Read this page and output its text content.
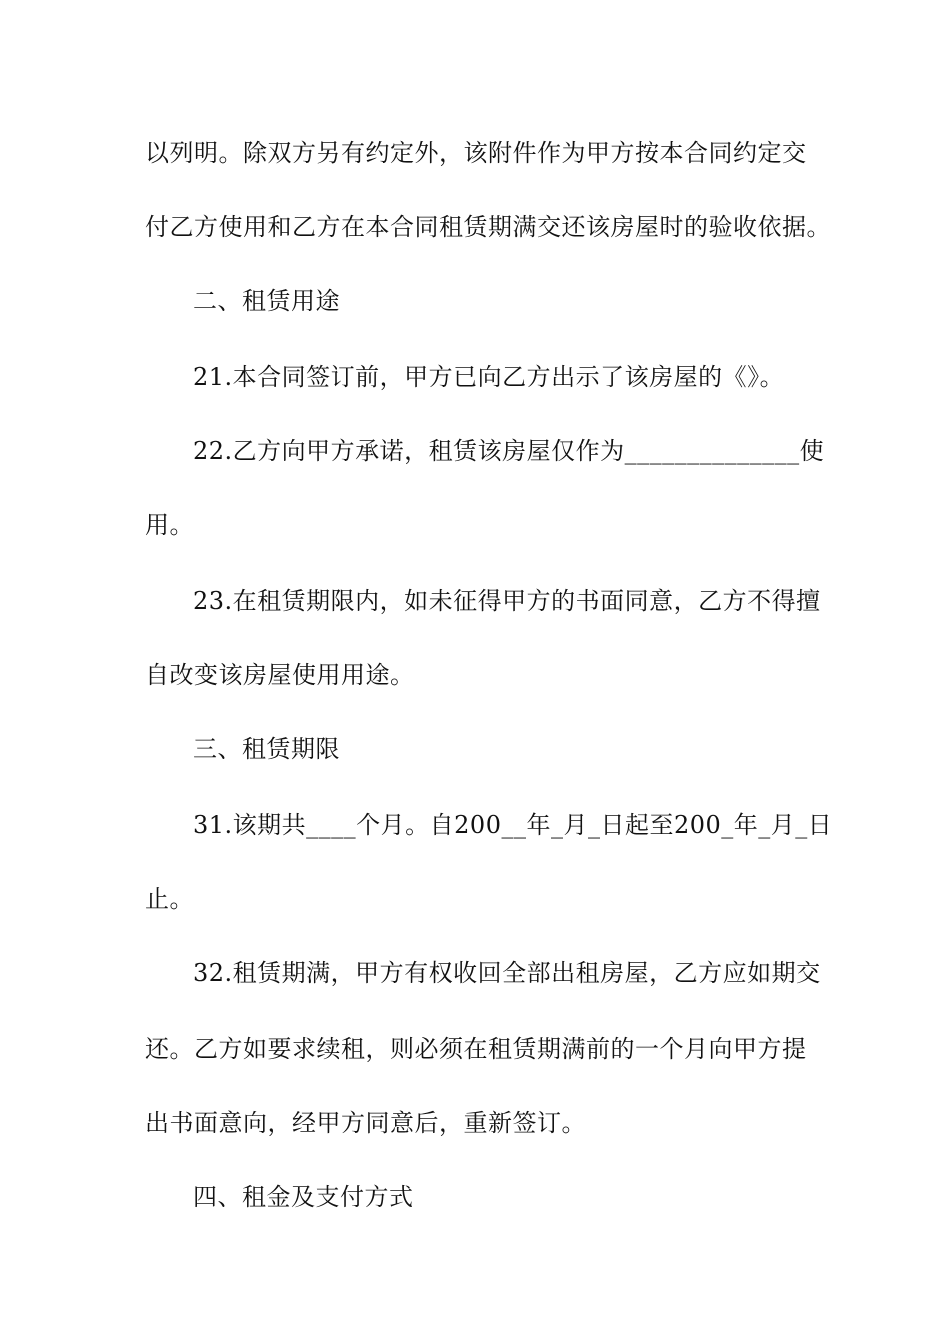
以列明。除双方另有约定外，该附件作为甲方按本合同约定交
付乙方使用和乙方在本合同租赁期满交还该房屋时的验收依据。
二、租赁用途
21.本合同签订前，甲方已向乙方出示了该房屋的《》。
22.乙方向甲方承诺，租赁该房屋仅作为______________ 使
用。
23.在租赁期限内，如未征得甲方的书面同意，乙方不得擅
自改变该房屋使用用途。
三、租赁期限
31.该期共____个月。自200__年_月_日起至200_年_月_日
止。
32.租赁期满，甲方有权收回全部出租房屋，乙方应如期交
还。乙方如要求续租，则必须在租赁期满前的一个月向甲方提
出书面意向，经甲方同意后，重新签订。
四、租金及支付方式
